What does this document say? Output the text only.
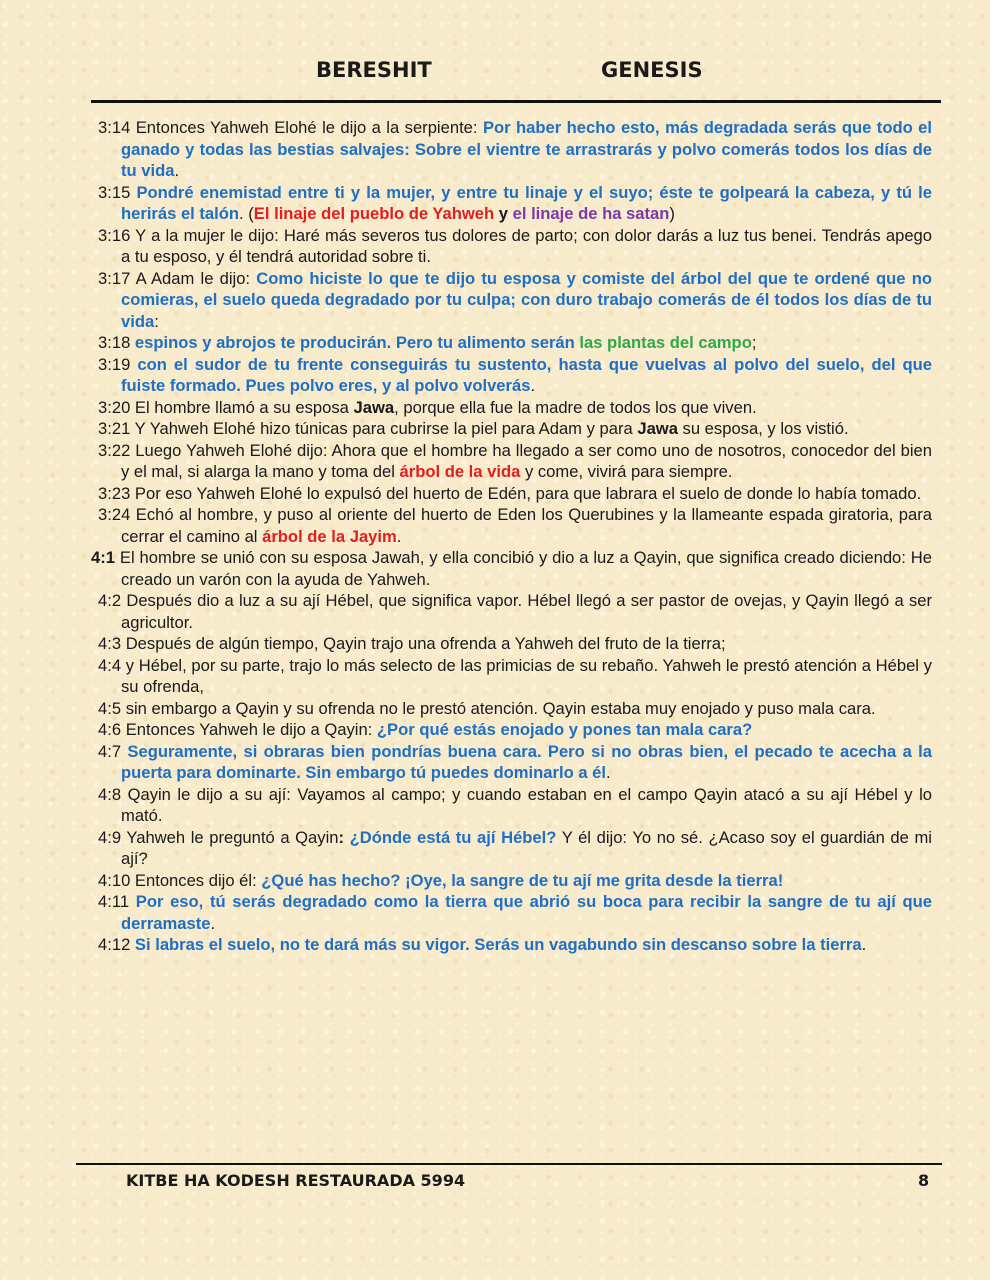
BERESHIT	GENESIS

3:14 Entonces Yahweh Elohé le dijo a la serpiente: Por haber hecho esto, más degradada serás que todo el ganado y todas las bestias salvajes: Sobre el vientre te arrastrarás y polvo comerás todos los días de tu vida.

3:15 Pondré enemistad entre ti y la mujer, y entre tu linaje y el suyo; éste te golpeará la cabeza, y tú le herirás el talón. (El linaje del pueblo de Yahweh y el linaje de ha satan)

3:16 Y a la mujer le dijo: Haré más severos tus dolores de parto; con dolor darás a luz tus benei. Tendrás apego a tu esposo, y él tendrá autoridad sobre ti.

3:17 A Adam le dijo: Como hiciste lo que te dijo tu esposa y comiste del árbol del que te ordené que no comieras, el suelo queda degradado por tu culpa; con duro trabajo comerás de él todos los días de tu vida:

3:18 espinos y abrojos te producirán. Pero tu alimento serán las plantas del campo;

3:19 con el sudor de tu frente conseguirás tu sustento, hasta que vuelvas al polvo del suelo, del que fuiste formado. Pues polvo eres, y al polvo volverás.

3:20 El hombre llamó a su esposa Jawa, porque ella fue la madre de todos los que viven.

3:21 Y Yahweh Elohé hizo túnicas para cubrirse la piel para Adam y para Jawa su esposa, y los vistió.

3:22 Luego Yahweh Elohé dijo: Ahora que el hombre ha llegado a ser como uno de nosotros, conocedor del bien y el mal, si alarga la mano y toma del árbol de la vida y come, vivirá para siempre.

3:23 Por eso Yahweh Elohé lo expulsó del huerto de Edén, para que labrara el suelo de donde lo había tomado.

3:24 Echó al hombre, y puso al oriente del huerto de Eden los Querubines y la llameante espada giratoria, para cerrar el camino al árbol de la Jayim.

4:1 El hombre se unió con su esposa Jawah, y ella concibió y dio a luz a Qayin, que significa creado diciendo: He creado un varón con la ayuda de Yahweh.

4:2 Después dio a luz a su ají Hébel, que significa vapor. Hébel llegó a ser pastor de ovejas, y Qayin llegó a ser agricultor.

4:3 Después de algún tiempo, Qayin trajo una ofrenda a Yahweh del fruto de la tierra;

4:4 y Hébel, por su parte, trajo lo más selecto de las primicias de su rebaño. Yahweh le prestó atención a Hébel y su ofrenda,

4:5 sin embargo a Qayin y su ofrenda no le prestó atención. Qayin estaba muy enojado y puso mala cara.

4:6 Entonces Yahweh le dijo a Qayin: ¿Por qué estás enojado y pones tan mala cara?

4:7 Seguramente, si obraras bien pondrías buena cara. Pero si no obras bien, el pecado te acecha a la puerta para dominarte. Sin embargo tú puedes dominarlo a él.

4:8 Qayin le dijo a su ají: Vayamos al campo; y cuando estaban en el campo Qayin atacó a su ají Hébel y lo mató.

4:9 Yahweh le preguntó a Qayin: ¿Dónde está tu ají Hébel? Y él dijo: Yo no sé. ¿Acaso soy el guardián de mi ají?

4:10 Entonces dijo él: ¿Qué has hecho? ¡Oye, la sangre de tu ají me grita desde la tierra!

4:11 Por eso, tú serás degradado como la tierra que abrió su boca para recibir la sangre de tu ají que derramaste.

4:12 Si labras el suelo, no te dará más su vigor. Serás un vagabundo sin descanso sobre la tierra.

KITBE HA KODESH RESTAURADA 5994	8
